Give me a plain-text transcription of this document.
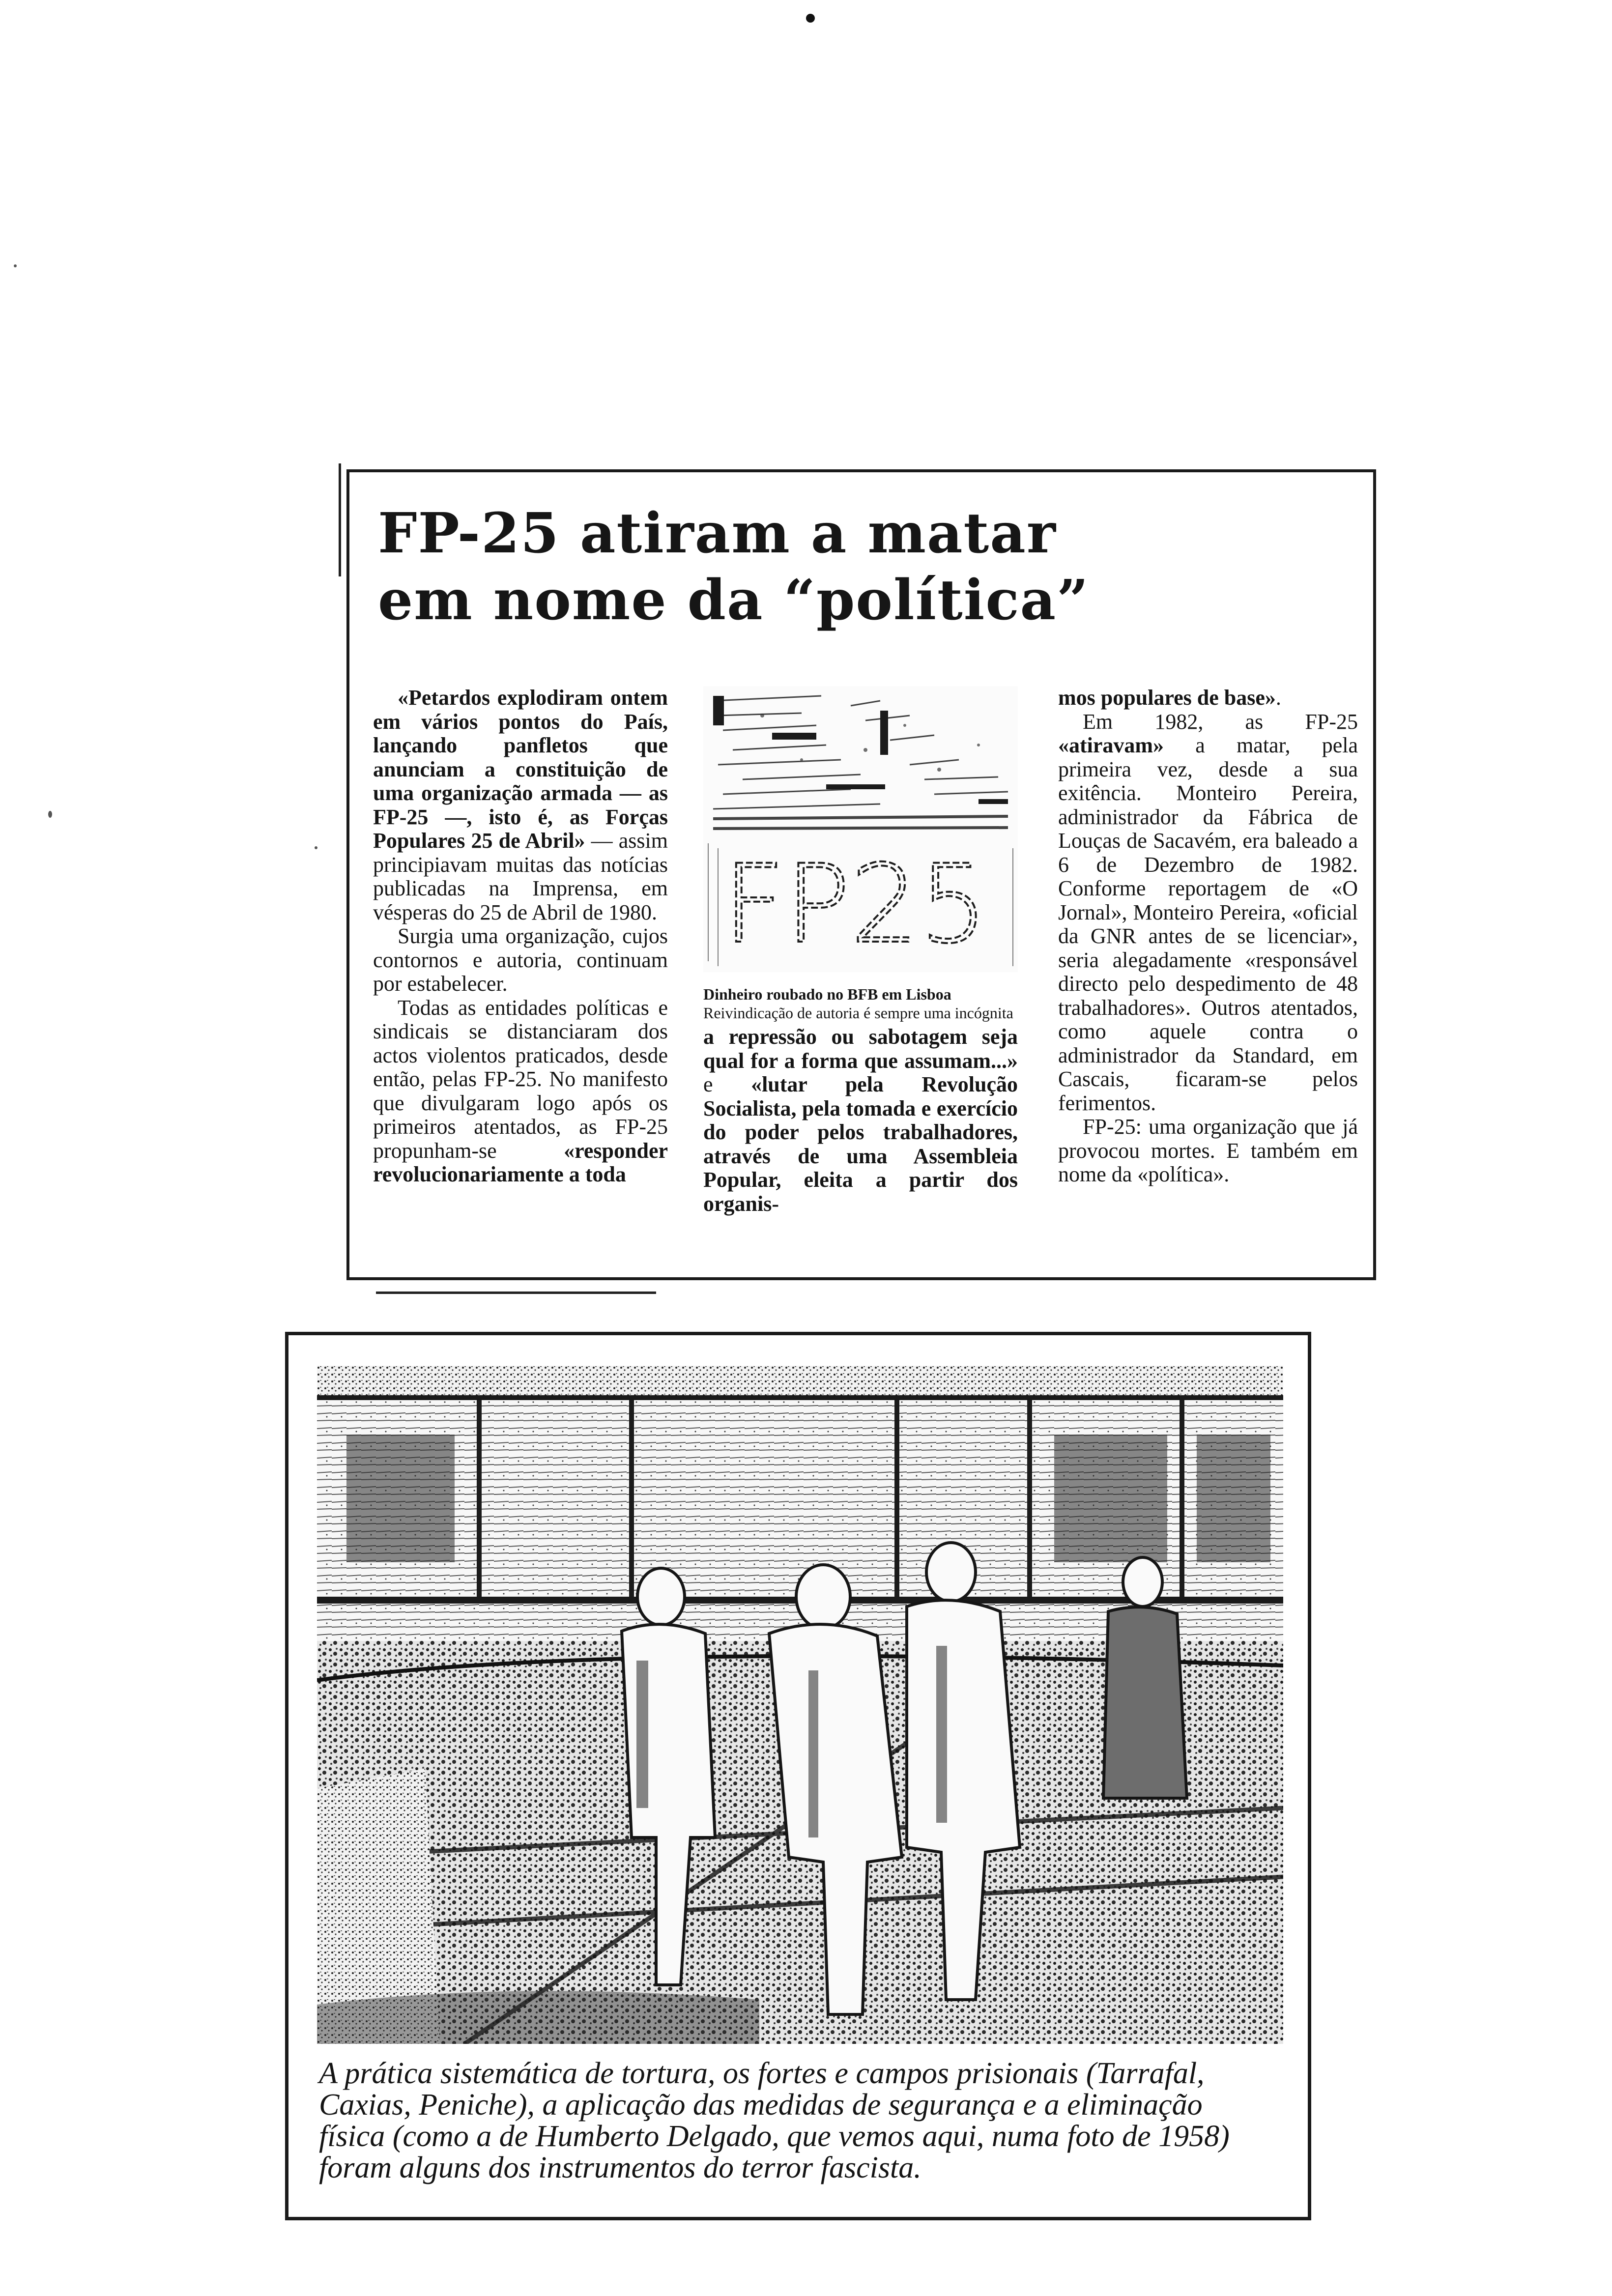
FP-25 atiram a matar
em nome da “política”

«Petardos explodiram ontem em vários pontos do País, lançando panfletos que anunciam a constituição de uma organização armada — as FP-25 —, isto é, as Forças Populares 25 de Abril» — assim principiavam muitas das notícias publicadas na Imprensa, em vésperas do 25 de Abril de 1980.

Surgia uma organização, cujos contornos e autoria, continuam por estabelecer.

Todas as entidades políticas e sindicais se distanciaram dos actos violentos praticados, desde então, pelas FP-25. No manifesto que divulgaram logo após os primeiros atentados, as FP-25 propunham-se «responder revolucionariamente a toda

FP25
Dinheiro roubado no BFB em Lisboa
Reivindicação de autoria é sempre uma incógnita

a repressão ou sabotagem seja qual for a forma que assumam...» e «lutar pela Revolução Socialista, pela tomada e exercício do poder pelos trabalhadores, através de uma Assembleia Popular, eleita a partir dos organis-

mos populares de base».

Em 1982, as FP-25 «atiravam» a matar, pela primeira vez, desde a sua exitência. Monteiro Pereira, administrador da Fábrica de Louças de Sacavém, era baleado a 6 de Dezembro de 1982. Conforme reportagem de «O Jornal», Monteiro Pereira, «oficial da GNR antes de se licenciar», seria alegadamente «responsável directo pelo despedimento de 48 trabalhadores». Outros atentados, como aquele contra o administrador da Standard, em Cascais, ficaram-se pelos ferimentos.

FP-25: uma organização que já provocou mortes. E também em nome da «política».

A prática sistemática de tortura, os fortes e campos prisionais (Tarrafal, Caxias, Peniche), a aplicação das medidas de segurança e a eliminação física (como a de Humberto Delgado, que vemos aqui, numa foto de 1958) foram alguns dos instrumentos do terror fascista.
